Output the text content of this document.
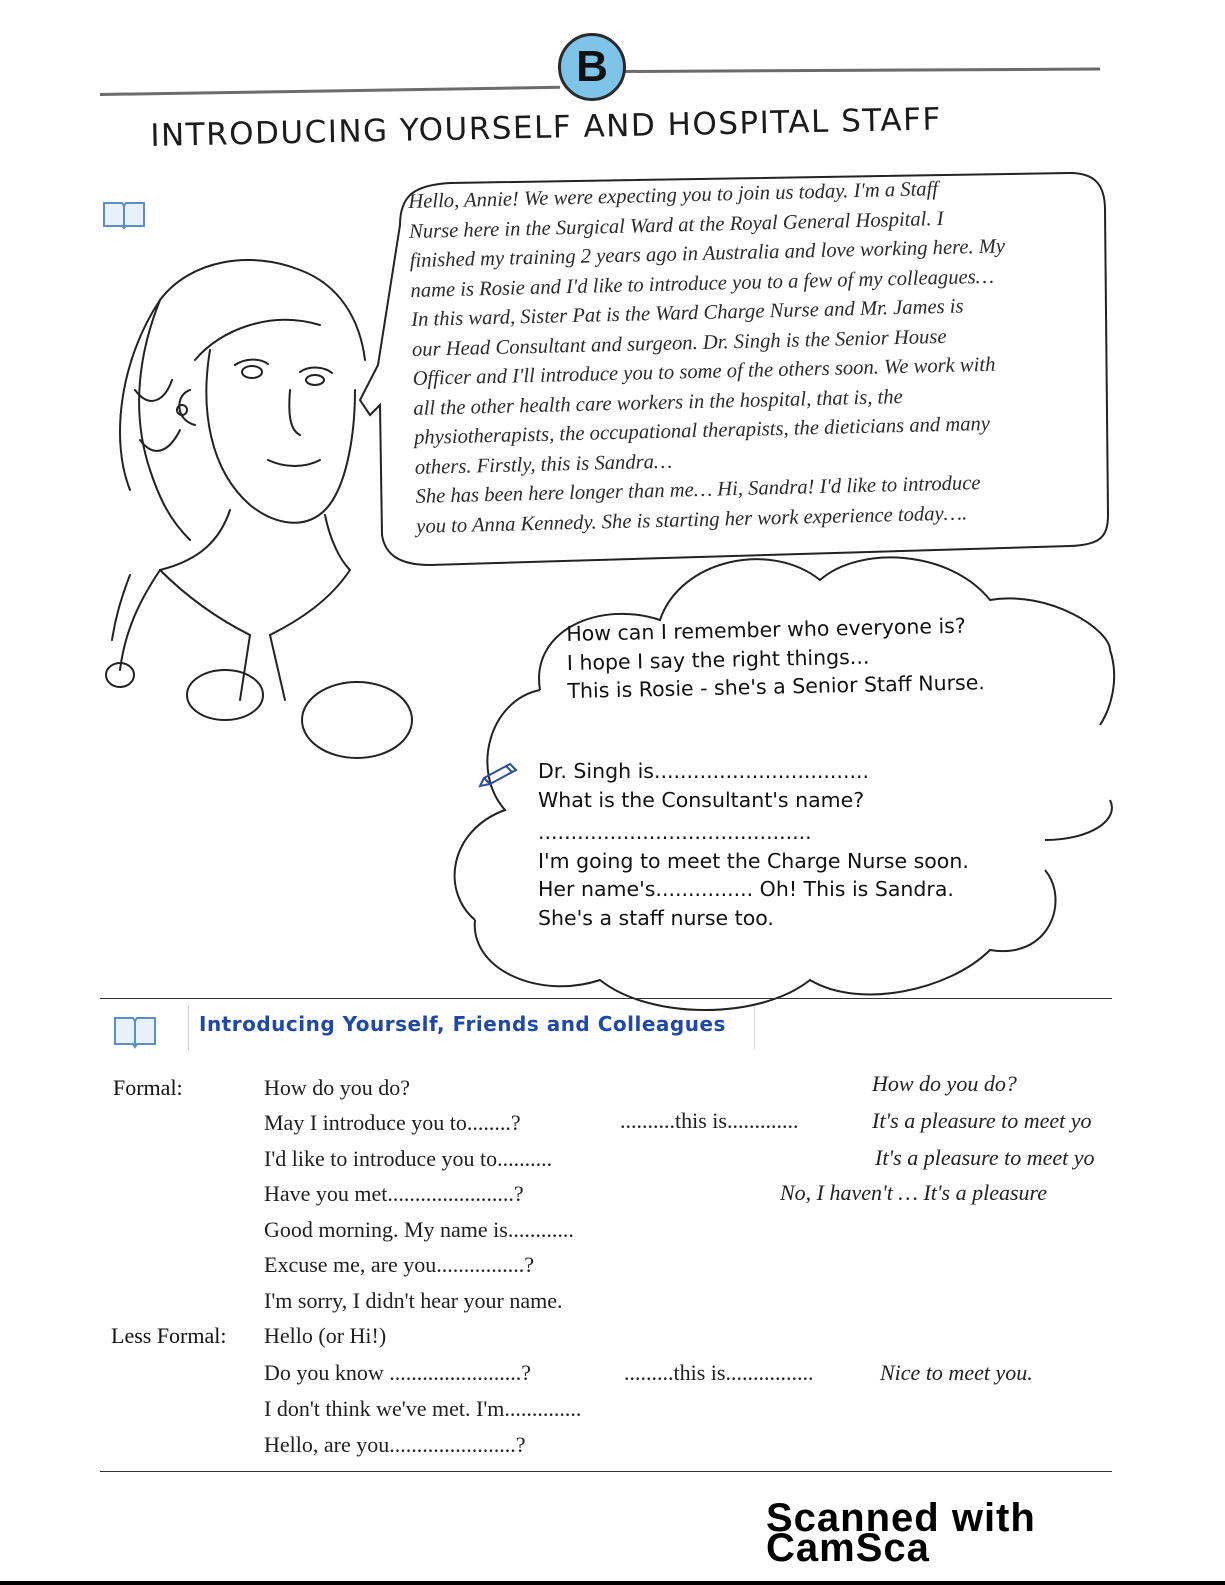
B
INTRODUCING YOURSELF AND HOSPITAL STAFF

Hello, Annie! We were expecting you to join us today. I'm a Staff

Nurse here in the Surgical Ward at the Royal General Hospital. I

finished my training 2 years ago in Australia and love working here. My

name is Rosie and I'd like to introduce you to a few of my colleagues…

In this ward, Sister Pat is the Ward Charge Nurse and Mr. James is

our Head Consultant and surgeon. Dr. Singh is the Senior House

Officer and I'll introduce you to some of the others soon. We work with

all the other health care workers in the hospital, that is, the

physiotherapists, the occupational therapists, the dieticians and many

others. Firstly, this is Sandra…

She has been here longer than me… Hi, Sandra! I'd like to introduce

you to Anna Kennedy. She is starting her work experience today….

How can I remember who everyone is?
I hope I say the right things...
This is Rosie - she's a Senior Staff Nurse.
Dr. Singh is.................................
What is the Consultant's name?
..........................................
I'm going to meet the Charge Nurse soon.
Her name's............... Oh! This is Sandra.
She's a staff nurse too.
Introducing Yourself, Friends and Colleagues
Formal:	How do you do?
May I introduce you to........?
I'd like to introduce you to..........
Have you met.......................?
Good morning. My name is............
Excuse me, are you................?
I'm sorry, I didn't hear your name.
..........this is.............
How do you do?
It's a pleasure to meet yo
It's a pleasure to meet yo
No, I haven't … It's a pleasure
Less Formal: Hello (or Hi!)
Do you know ........................?
I don't think we've met. I'm..............
Hello, are you.......................?
.........this is................	Nice to meet you.
Scanned with CamSca
